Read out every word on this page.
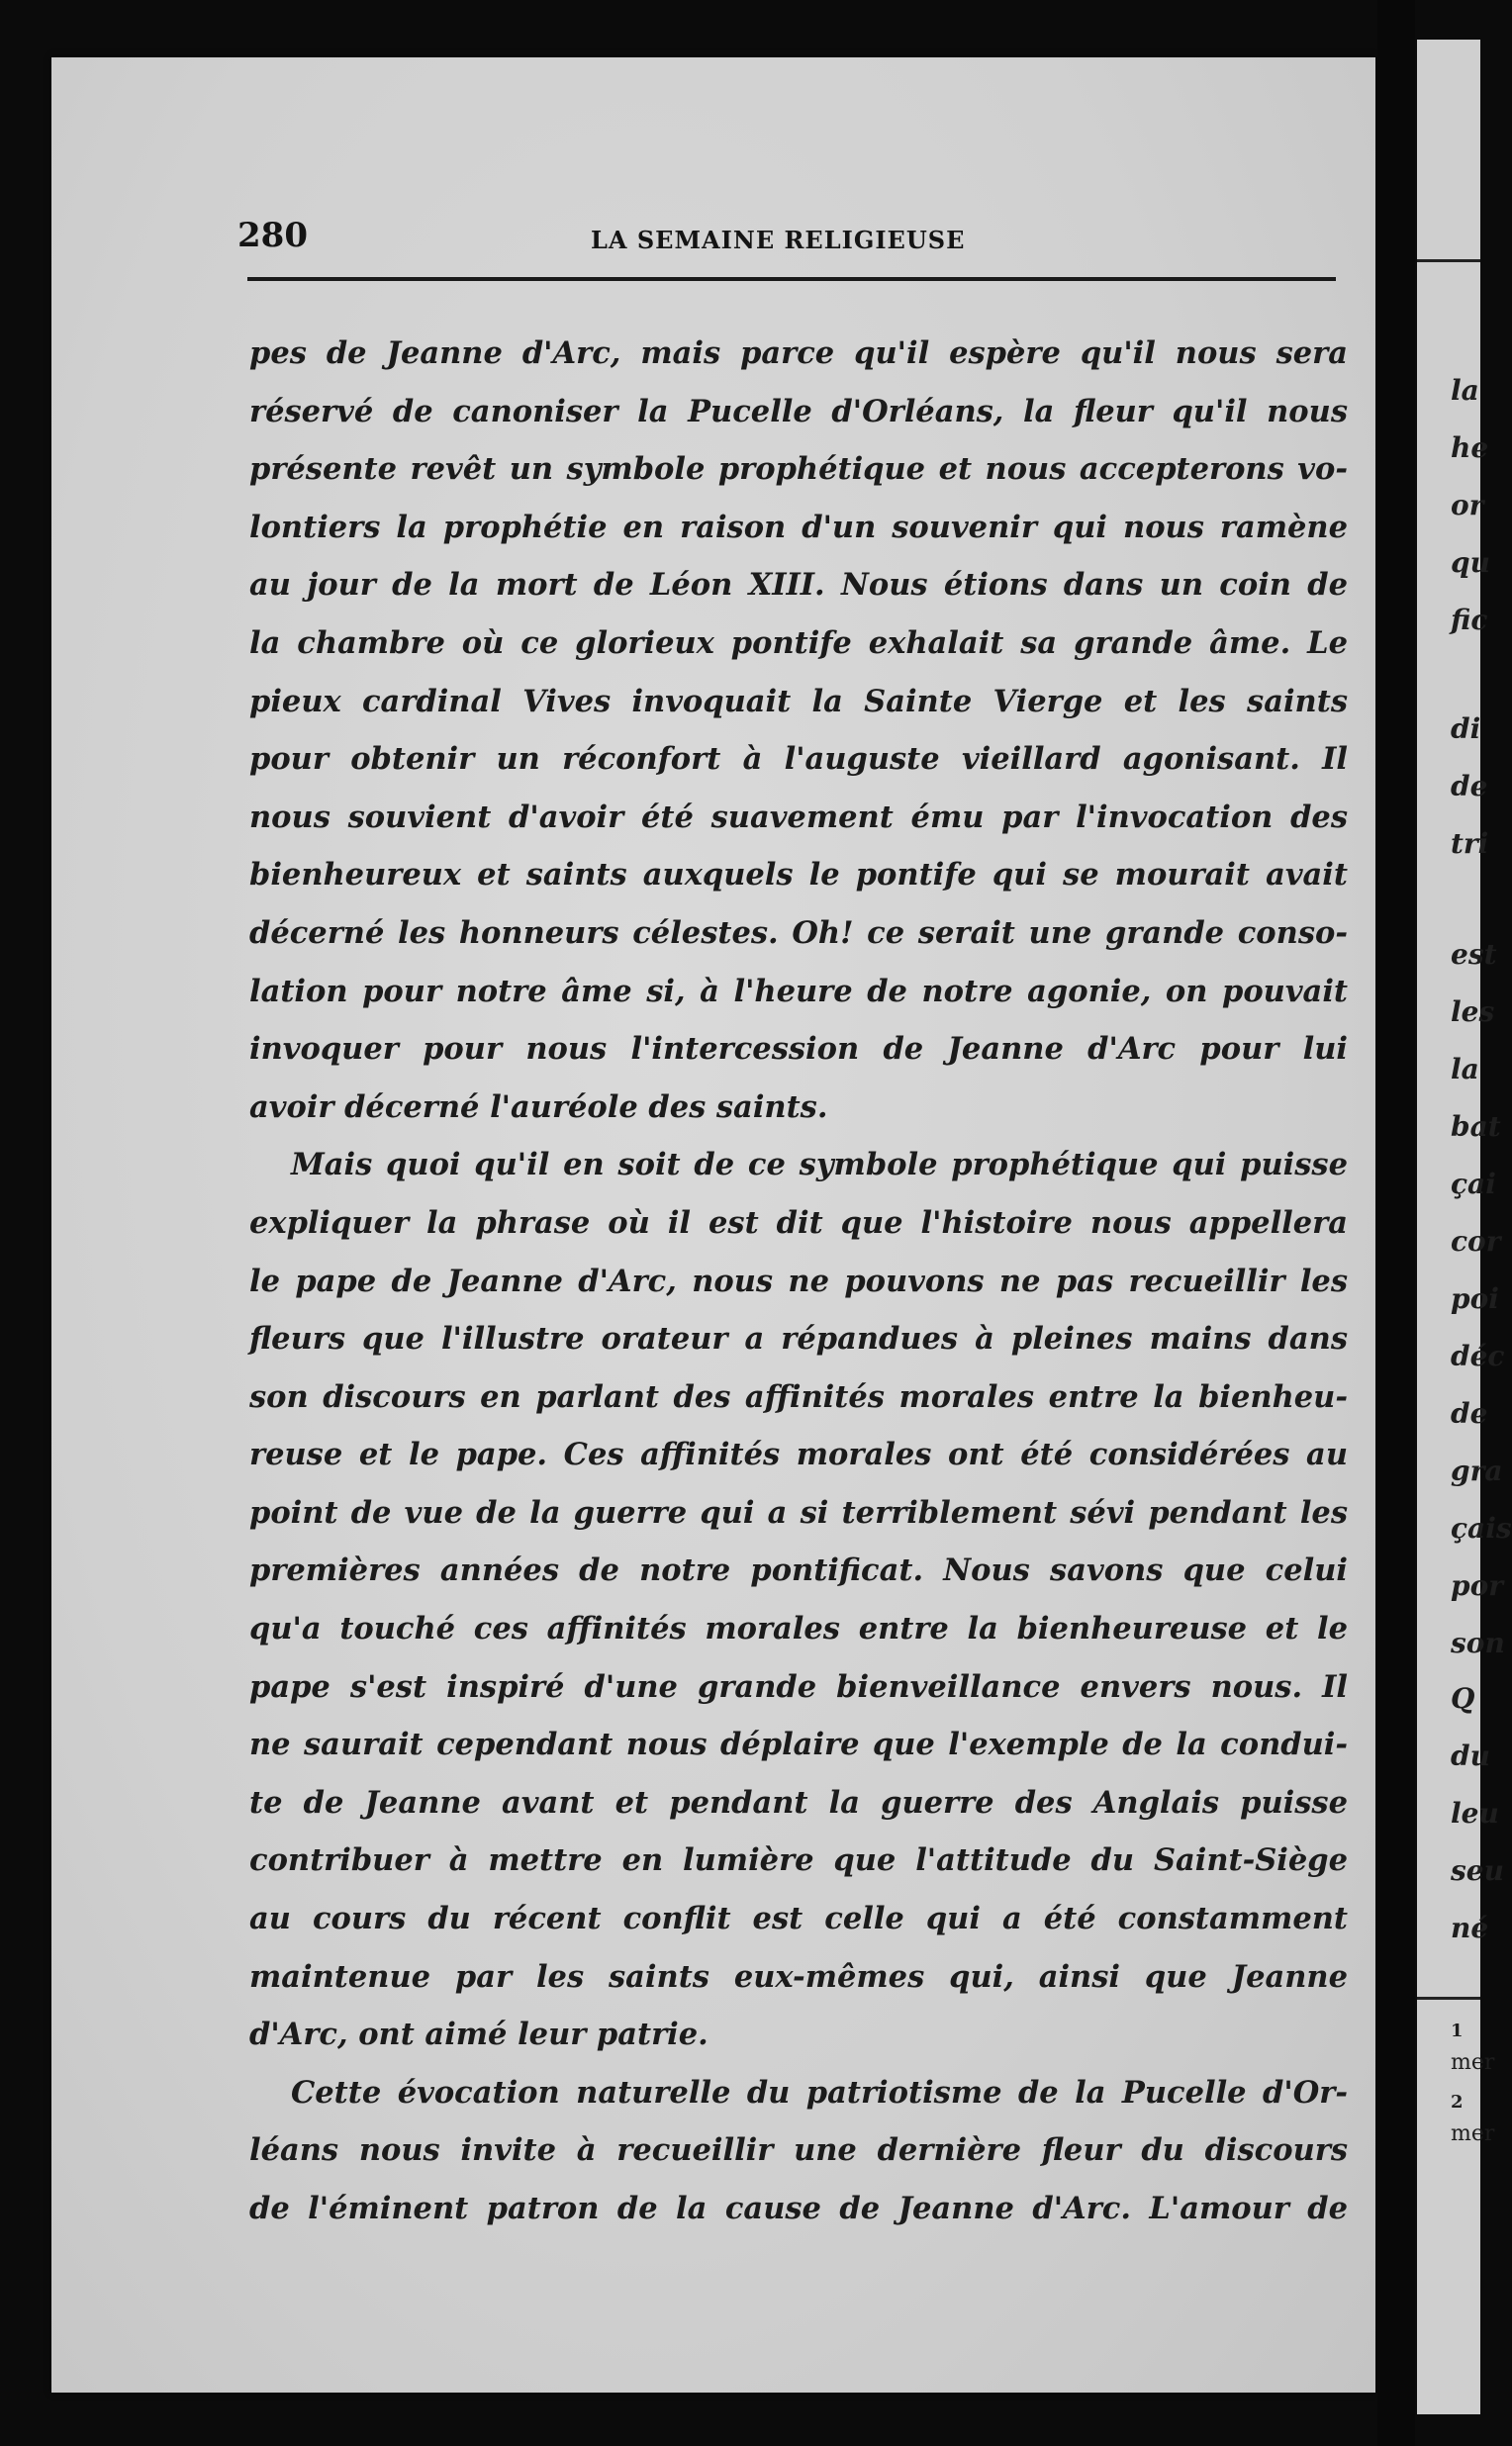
la
he
or
qu
fic
di
de
tri
est
les
la
bat
çai
cor
poi
déc
de
gra
çais
por
son
Q
du
leu
seu
né
1
mer
2
mer
280	LA SEMAINE RELIGIEUSE
pes de Jeanne d'Arc, mais parce qu'il espère qu'il nous sera
réservé de canoniser la Pucelle d'Orléans, la fleur qu'il nous
présente revêt un symbole prophétique et nous accepterons vo-
lontiers la prophétie en raison d'un souvenir qui nous ramène
au jour de la mort de Léon XIII. Nous étions dans un coin de
la chambre où ce glorieux pontife exhalait sa grande âme. Le
pieux cardinal Vives invoquait la Sainte Vierge et les saints
pour obtenir un réconfort à l'auguste vieillard agonisant. Il
nous souvient d'avoir été suavement ému par l'invocation des
bienheureux et saints auxquels le pontife qui se mourait avait
décerné les honneurs célestes. Oh! ce serait une grande conso-
lation pour notre âme si, à l'heure de notre agonie, on pouvait
invoquer pour nous l'intercession de Jeanne d'Arc pour lui
avoir décerné l'auréole des saints.
Mais quoi qu'il en soit de ce symbole prophétique qui puisse
expliquer la phrase où il est dit que l'histoire nous appellera
le pape de Jeanne d'Arc, nous ne pouvons ne pas recueillir les
fleurs que l'illustre orateur a répandues à pleines mains dans
son discours en parlant des affinités morales entre la bienheu-
reuse et le pape. Ces affinités morales ont été considérées au
point de vue de la guerre qui a si terriblement sévi pendant les
premières années de notre pontificat. Nous savons que celui
qu'a touché ces affinités morales entre la bienheureuse et le
pape s'est inspiré d'une grande bienveillance envers nous. Il
ne saurait cependant nous déplaire que l'exemple de la condui-
te de Jeanne avant et pendant la guerre des Anglais puisse
contribuer à mettre en lumière que l'attitude du Saint-Siège
au cours du récent conflit est celle qui a été constamment
maintenue par les saints eux-mêmes qui, ainsi que Jeanne
d'Arc, ont aimé leur patrie.
Cette évocation naturelle du patriotisme de la Pucelle d'Or-
léans nous invite à recueillir une dernière fleur du discours
de l'éminent patron de la cause de Jeanne d'Arc. L'amour de
